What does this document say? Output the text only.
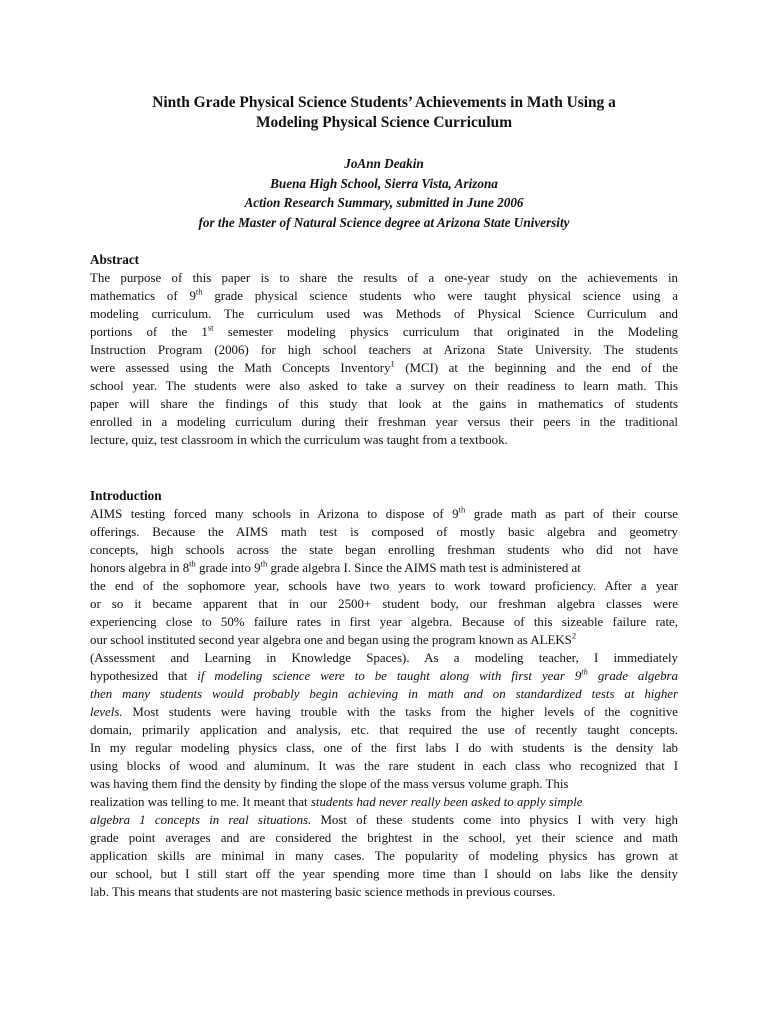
Ninth Grade Physical Science Students’ Achievements in Math Using a
Modeling Physical Science Curriculum
JoAnn Deakin
Buena High School, Sierra Vista, Arizona
Action Research Summary, submitted in June 2006
for the Master of Natural Science degree at Arizona State University
Abstract
The purpose of this paper is to share the results of a one-year study on the achievements in
mathematics of 9th grade physical science students who were taught physical science using a
modeling curriculum. The curriculum used was Methods of Physical Science Curriculum and
portions of the 1st semester modeling physics curriculum that originated in the Modeling
Instruction Program (2006) for high school teachers at Arizona State University. The students
were assessed using the Math Concepts Inventory$^1$ (MCI) at the beginning and the end of the
school year. The students were also asked to take a survey on their readiness to learn math. This
paper will share the findings of this study that look at the gains in mathematics of students
enrolled in a modeling curriculum during their freshman year versus their peers in the traditional
lecture, quiz, test classroom in which the curriculum was taught from a textbook.
Introduction
AIMS testing forced many schools in Arizona to dispose of 9th grade math as part of their course
offerings. Because the AIMS math test is composed of mostly basic algebra and geometry
concepts, high schools across the state began enrolling freshman students who did not have
honors algebra in 8th grade into 9th grade algebra I. Since the AIMS math test is administered at
the end of the sophomore year, schools have two years to work toward proficiency. After a year
or so it became apparent that in our 2500+ student body, our freshman algebra classes were
experiencing close to 50% failure rates in first year algebra. Because of this sizeable failure rate,
our school instituted second year algebra one and began using the program known as ALEKS$^2$
(Assessment and Learning in Knowledge Spaces). As a modeling teacher, I immediately
hypothesized that if modeling science were to be taught along with first year 9th grade algebra
then many students would probably begin achieving in math and on standardized tests at higher
levels. Most students were having trouble with the tasks from the higher levels of the cognitive
domain, primarily application and analysis, etc. that required the use of recently taught concepts.
In my regular modeling physics class, one of the first labs I do with students is the density lab
using blocks of wood and aluminum. It was the rare student in each class who recognized that I
was having them find the density by finding the slope of the mass versus volume graph. This
realization was telling to me. It meant that students had never really been asked to apply simple
algebra 1 concepts in real situations. Most of these students come into physics I with very high
grade point averages and are considered the brightest in the school, yet their science and math
application skills are minimal in many cases. The popularity of modeling physics has grown at
our school, but I still start off the year spending more time than I should on labs like the density
lab. This means that students are not mastering basic science methods in previous courses.
